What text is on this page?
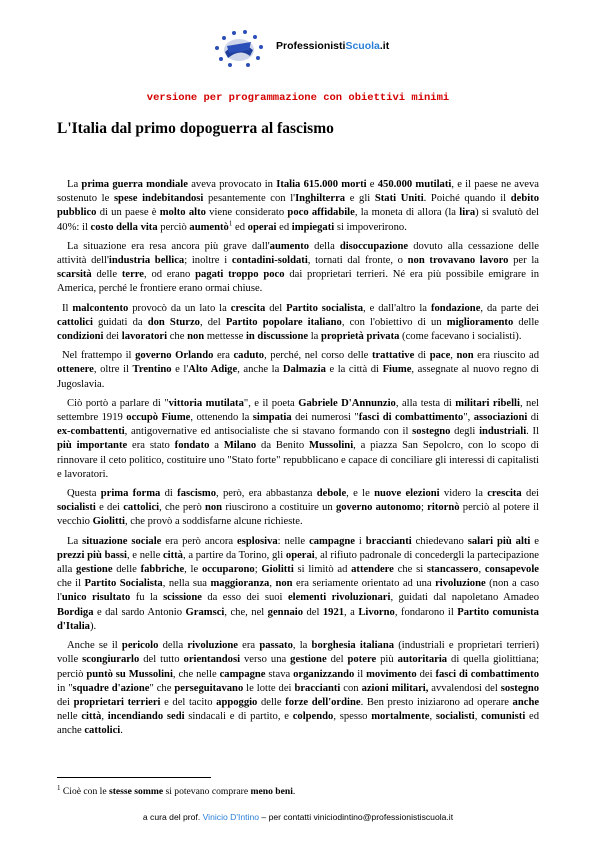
ProfessionistiScuola.it
versione per programmazione con obiettivi minimi
L'Italia dal primo dopoguerra al fascismo

La prima guerra mondiale aveva provocato in Italia 615.000 morti e 450.000 mutilati, e il paese ne aveva sostenuto le spese indebitandosi pesantemente con l'Inghilterra e gli Stati Uniti. Poiché quando il debito pubblico di un paese è molto alto viene considerato poco affidabile, la moneta di allora (la lira) si svalutò del 40%: il costo della vita perciò aumentò$^1$ ed operai ed impiegati si impoverirono.

La situazione era resa ancora più grave dall'aumento della disoccupazione dovuto alla cessazione delle attività dell'industria bellica; inoltre i contadini-soldati, tornati dal fronte, o non trovavano lavoro per la scarsità delle terre, od erano pagati troppo poco dai proprietari terrieri. Né era più possibile emigrare in America, perché le frontiere erano ormai chiuse.

Il malcontento provocò da un lato la crescita del Partito socialista, e dall'altro la fondazione, da parte dei cattolici guidati da don Sturzo, del Partito popolare italiano, con l'obiettivo di un miglioramento delle condizioni dei lavoratori che non mettesse in discussione la proprietà privata (come facevano i socialisti).

Nel frattempo il governo Orlando era caduto, perché, nel corso delle trattative di pace, non era riuscito ad ottenere, oltre il Trentino e l'Alto Adige, anche la Dalmazia e la città di Fiume, assegnate al nuovo regno di Jugoslavia.

Ciò portò a parlare di "vittoria mutilata", e il poeta Gabriele D'Annunzio, alla testa di militari ribelli, nel settembre 1919 occupò Fiume, ottenendo la simpatia dei numerosi "fasci di combattimento", associazioni di ex-combattenti, antigovernative ed antisocialiste che si stavano formando con il sostegno degli industriali. Il più importante era stato fondato a Milano da Benito Mussolini, a piazza San Sepolcro, con lo scopo di rinnovare il ceto politico, costituire uno "Stato forte" repubblicano e capace di conciliare gli interessi di capitalisti e lavoratori.

Questa prima forma di fascismo, però, era abbastanza debole, e le nuove elezioni videro la crescita dei socialisti e dei cattolici, che però non riuscirono a costituire un governo autonomo; ritornò perciò al potere il vecchio Giolitti, che provò a soddisfarne alcune richieste.

La situazione sociale era però ancora esplosiva: nelle campagne i braccianti chiedevano salari più alti e prezzi più bassi, e nelle città, a partire da Torino, gli operai, al rifiuto padronale di concedergli la partecipazione alla gestione delle fabbriche, le occuparono; Giolitti si limitò ad attendere che si stancassero, consapevole che il Partito Socialista, nella sua maggioranza, non era seriamente orientato ad una rivoluzione (non a caso l'unico risultato fu la scissione da esso dei suoi elementi rivoluzionari, guidati dal napoletano Amadeo Bordiga e dal sardo Antonio Gramsci, che, nel gennaio del 1921, a Livorno, fondarono il Partito comunista d'Italia).

Anche se il pericolo della rivoluzione era passato, la borghesia italiana (industriali e proprietari terrieri) volle scongiurarlo del tutto orientandosi verso una gestione del potere più autoritaria di quella giolittiana; perciò puntò su Mussolini, che nelle campagne stava organizzando il movimento dei fasci di combattimento in "squadre d'azione" che perseguitavano le lotte dei braccianti con azioni militari, avvalendosi del sostegno dei proprietari terrieri e del tacito appoggio delle forze dell'ordine. Ben presto iniziarono ad operare anche nelle città, incendiando sedi sindacali e di partito, e colpendo, spesso mortalmente, socialisti, comunisti ed anche cattolici.

$^1$ Cioè con le stesse somme si potevano comprare meno beni.
a cura del prof. Vinicio D'Intino – per contatti viniciodintino@professionistiscuola.it
